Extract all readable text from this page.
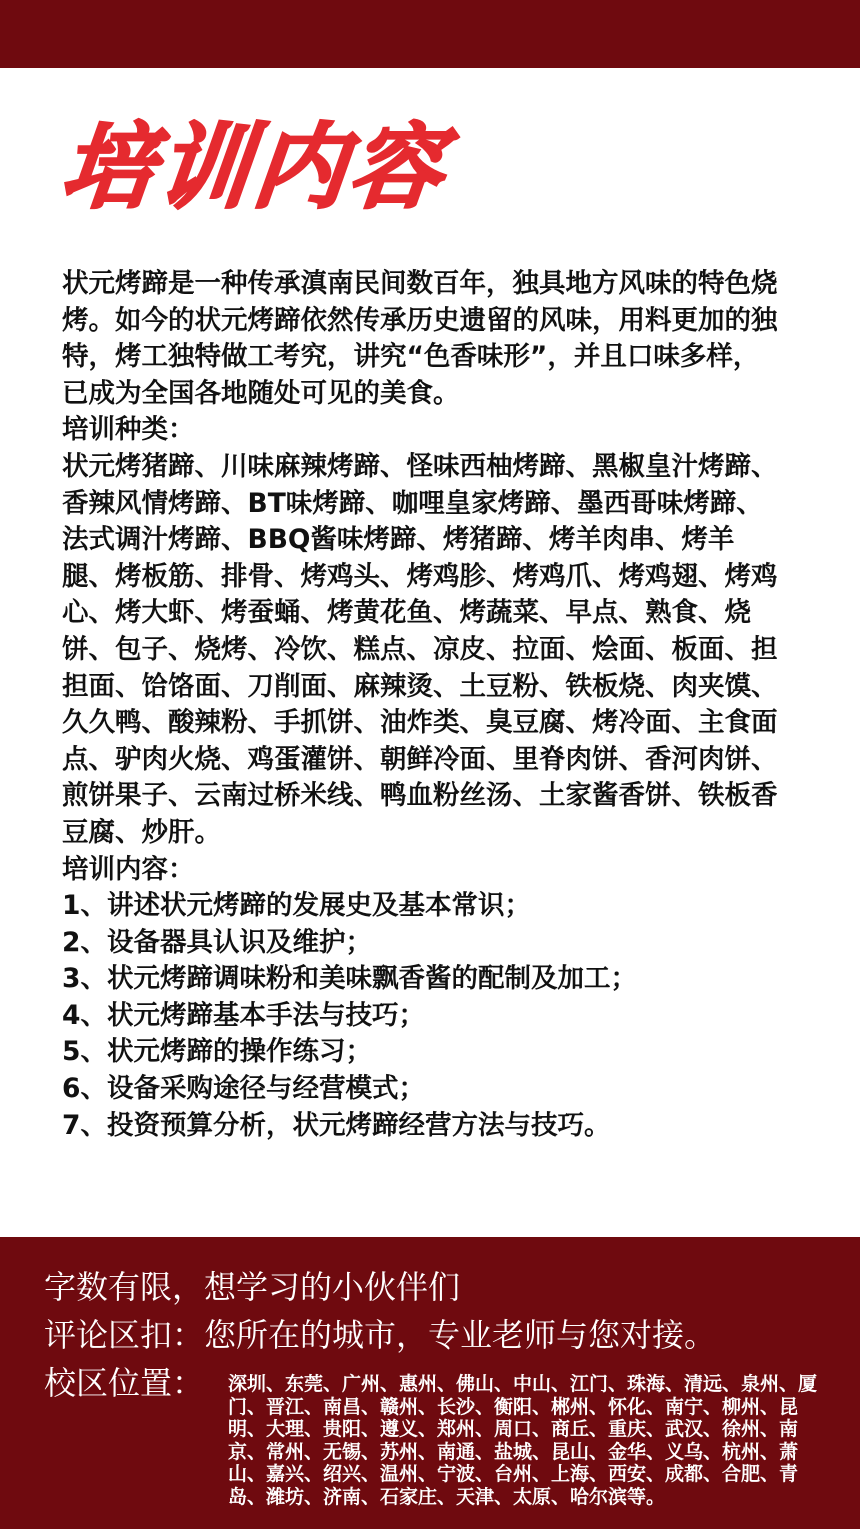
培训内容

状元烤蹄是一种传承滇南民间数百年，独具地方风味的特色烧烤。如今的状元烤蹄依然传承历史遗留的风味，用料更加的独特，烤工独特做工考究，讲究“色香味形”，并且口味多样，已成为全国各地随处可见的美食。

培训种类：

状元烤猪蹄、川味麻辣烤蹄、怪味西柚烤蹄、黑椒皇汁烤蹄、香辣风情烤蹄、BT味烤蹄、咖哩皇家烤蹄、墨西哥味烤蹄、法式调汁烤蹄、BBQ酱味烤蹄、烤猪蹄、烤羊肉串、烤羊腿、烤板筋、排骨、烤鸡头、烤鸡胗、烤鸡爪、烤鸡翅、烤鸡心、烤大虾、烤蚕蛹、烤黄花鱼、烤蔬菜、早点、熟食、烧饼、包子、烧烤、冷饮、糕点、凉皮、拉面、烩面、板面、担担面、饸饹面、刀削面、麻辣烫、土豆粉、铁板烧、肉夹馍、久久鸭、酸辣粉、手抓饼、油炸类、臭豆腐、烤冷面、主食面点、驴肉火烧、鸡蛋灌饼、朝鲜冷面、里脊肉饼、香河肉饼、煎饼果子、云南过桥米线、鸭血粉丝汤、土家酱香饼、铁板香豆腐、炒肝。

培训内容：

1、讲述状元烤蹄的发展史及基本常识；

2、设备器具认识及维护；

3、状元烤蹄调味粉和美味飘香酱的配制及加工；

4、状元烤蹄基本手法与技巧；

5、状元烤蹄的操作练习；

6、设备采购途径与经营模式；

7、投资预算分析，状元烤蹄经营方法与技巧。

字数有限，想学习的小伙伴们
评论区扣：您所在的城市，专业老师与您对接。
校区位置： 深圳、东莞、广州、惠州、佛山、中山、江门、珠海、清远、泉州、厦门、晋江、南昌、赣州、长沙、衡阳、郴州、怀化、南宁、柳州、昆明、大理、贵阳、遵义、郑州、周口、商丘、重庆、武汉、徐州、南京、常州、无锡、苏州、南通、盐城、昆山、金华、义乌、杭州、萧山、嘉兴、绍兴、温州、宁波、台州、上海、西安、成都、合肥、青岛、潍坊、济南、石家庄、天津、太原、哈尔滨等。
